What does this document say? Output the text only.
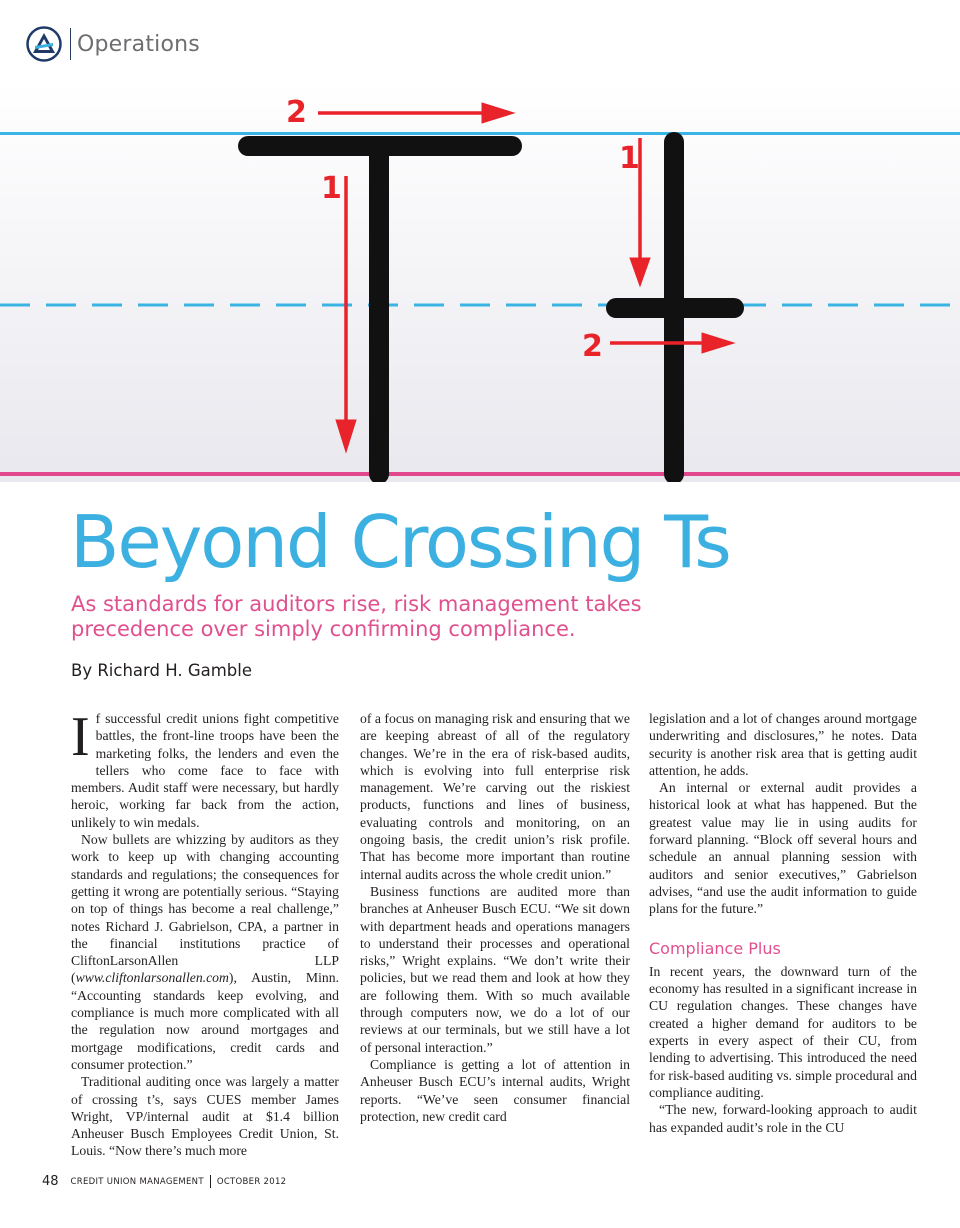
Operations
2
1
1
2
Beyond Crossing Ts
As standards for auditors rise, risk management takes precedence over simply confirming compliance.
By Richard H. Gamble

If successful credit unions fight competitive battles, the front-line troops have been the marketing folks, the lenders and even the tellers who come face to face with members. Audit staff were necessary, but hardly heroic, working far back from the action, unlikely to win medals.

Now bullets are whizzing by auditors as they work to keep up with changing accounting standards and regulations; the consequences for getting it wrong are potentially serious. “Staying on top of things has become a real challenge,” notes Richard J. Gabrielson, CPA, a partner in the financial institutions practice of CliftonLarsonAllen LLP (www.cliftonlarsonallen.com), Austin, Minn. “Accounting standards keep evolving, and compliance is much more complicated with all the regulation now around mortgages and mortgage modifications, credit cards and consumer protection.”

Traditional auditing once was largely a matter of crossing t’s, says CUES member James Wright, VP/internal audit at $1.4 billion Anheuser Busch Employees Credit Union, St. Louis. “Now there’s much more

of a focus on managing risk and ensuring that we are keeping abreast of all of the regulatory changes. We’re in the era of risk-based audits, which is evolving into full enterprise risk management. We’re carving out the riskiest products, functions and lines of business, evaluating controls and monitoring, on an ongoing basis, the credit union’s risk profile. That has become more important than routine internal audits across the whole credit union.”

Business functions are audited more than branches at Anheuser Busch ECU. “We sit down with department heads and operations managers to understand their processes and operational risks,” Wright explains. “We don’t write their policies, but we read them and look at how they are following them. With so much available through computers now, we do a lot of our reviews at our terminals, but we still have a lot of personal interaction.”

Compliance is getting a lot of attention in Anheuser Busch ECU’s internal audits, Wright reports. “We’ve seen consumer financial protection, new credit card

legislation and a lot of changes around mortgage underwriting and disclosures,” he notes. Data security is another risk area that is getting audit attention, he adds.

An internal or external audit provides a historical look at what has happened. But the greatest value may lie in using audits for forward planning. “Block off several hours and schedule an annual planning session with auditors and senior executives,” Gabrielson advises, “and use the audit information to guide plans for the future.”

Compliance Plus

In recent years, the downward turn of the economy has resulted in a significant increase in CU regulation changes. These changes have created a higher demand for auditors to be experts in every aspect of their CU, from lending to advertising. This introduced the need for risk-based auditing vs. simple procedural and compliance auditing.

“The new, forward-looking approach to audit has expanded audit’s role in the CU

48 CREDIT UNION MANAGEMENT OCTOBER 2012
